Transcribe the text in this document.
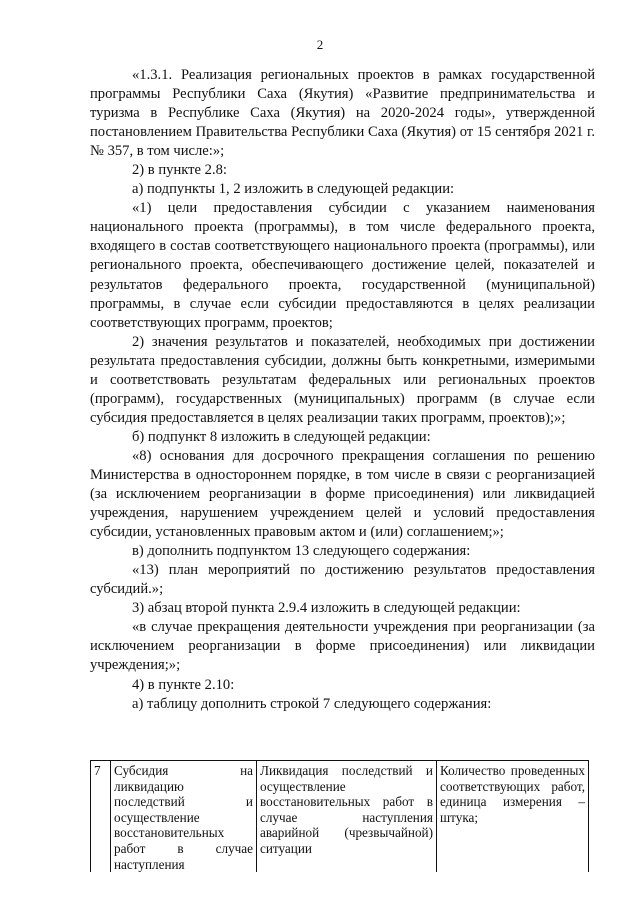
2

«1.3.1. Реализация региональных проектов в рамках государственной программы Республики Саха (Якутия) «Развитие предпринимательства и туризма в Республике Саха (Якутия) на 2020-2024 годы», утвержденной постановлением Правительства Республики Саха (Якутия) от 15 сентября 2021 г. № 357, в том числе:»;

2) в пункте 2.8:

а) подпункты 1, 2 изложить в следующей редакции:

«1) цели предоставления субсидии с указанием наименования национального проекта (программы), в том числе федерального проекта, входящего в состав соответствующего национального проекта (программы), или регионального проекта, обеспечивающего достижение целей, показателей и результатов федерального проекта, государственной (муниципальной) программы, в случае если субсидии предоставляются в целях реализации соответствующих программ, проектов;

2) значения результатов и показателей, необходимых при достижении результата предоставления субсидии, должны быть конкретными, измеримыми и соответствовать результатам федеральных или региональных проектов (программ), государственных (муниципальных) программ (в случае если субсидия предоставляется в целях реализации таких программ, проектов);»;

б) подпункт 8 изложить в следующей редакции:

«8) основания для досрочного прекращения соглашения по решению Министерства в одностороннем порядке, в том числе в связи с реорганизацией (за исключением реорганизации в форме присоединения) или ликвидацией учреждения, нарушением учреждением целей и условий предоставления субсидии, установленных правовым актом и (или) соглашением;»;

в) дополнить подпунктом 13 следующего содержания:

«13) план мероприятий по достижению результатов предоставления субсидий.»;

3) абзац второй пункта 2.9.4 изложить в следующей редакции:

«в случае прекращения деятельности учреждения при реорганизации (за исключением реорганизации в форме присоединения) или ликвидации учреждения;»;

4) в пункте 2.10:

а) таблицу дополнить строкой 7 следующего содержания:

7	Субсидия на ликвидацию последствий и осуществление восстановительных работ в случае наступления	Ликвидация последствий и осуществление восстановительных работ в случае наступления аварийной (чрезвычайной) ситуации	Количество проведенных соответствующих работ, единица измерения – штука;
